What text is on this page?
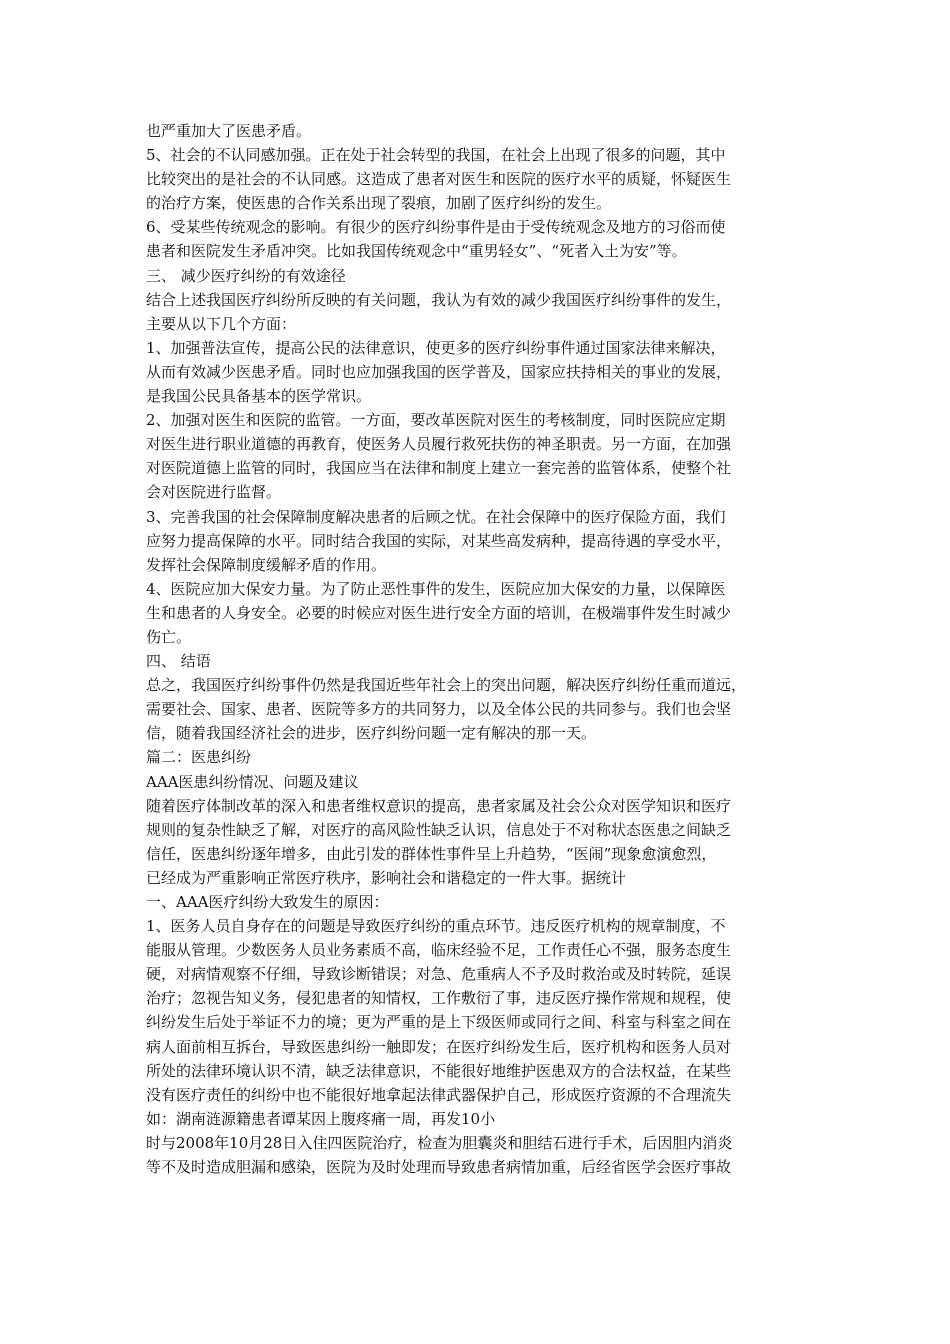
也严重加大了医患矛盾。

5、社会的不认同感加强。正在处于社会转型的我国，在社会上出现了很多的问题，其中

比较突出的是社会的不认同感。这造成了患者对医生和医院的医疗水平的质疑，怀疑医生

的治疗方案，使医患的合作关系出现了裂痕，加剧了医疗纠纷的发生。

6、受某些传统观念的影响。有很少的医疗纠纷事件是由于受传统观念及地方的习俗而使

患者和医院发生矛盾冲突。比如我国传统观念中“重男轻女”、“死者入土为安”等。

三、 减少医疗纠纷的有效途径

结合上述我国医疗纠纷所反映的有关问题，我认为有效的减少我国医疗纠纷事件的发生，

主要从以下几个方面：

1、加强普法宣传，提高公民的法律意识，使更多的医疗纠纷事件通过国家法律来解决，

从而有效减少医患矛盾。同时也应加强我国的医学普及，国家应扶持相关的事业的发展，

是我国公民具备基本的医学常识。

2、加强对医生和医院的监管。一方面，要改革医院对医生的考核制度，同时医院应定期

对医生进行职业道德的再教育，使医务人员履行救死扶伤的神圣职责。另一方面，在加强

对医院道德上监管的同时，我国应当在法律和制度上建立一套完善的监管体系，使整个社

会对医院进行监督。

3、完善我国的社会保障制度解决患者的后顾之忧。在社会保障中的医疗保险方面，我们

应努力提高保障的水平。同时结合我国的实际，对某些高发病种，提高待遇的享受水平，

发挥社会保障制度缓解矛盾的作用。

4、医院应加大保安力量。为了防止恶性事件的发生，医院应加大保安的力量，以保障医

生和患者的人身安全。必要的时候应对医生进行安全方面的培训，在极端事件发生时减少

伤亡。

四、 结语

总之，我国医疗纠纷事件仍然是我国近些年社会上的突出问题，解决医疗纠纷任重而道远，

需要社会、国家、患者、医院等多方的共同努力，以及全体公民的共同参与。我们也会坚

信，随着我国经济社会的进步，医疗纠纷问题一定有解决的那一天。

篇二：医患纠纷

AAA医患纠纷情况、问题及建议

随着医疗体制改革的深入和患者维权意识的提高，患者家属及社会公众对医学知识和医疗

规则的复杂性缺乏了解，对医疗的高风险性缺乏认识，信息处于不对称状态医患之间缺乏

信任，医患纠纷逐年增多，由此引发的群体性事件呈上升趋势，“医闹”现象愈演愈烈，

已经成为严重影响正常医疗秩序，影响社会和谐稳定的一件大事。据统计

一、AAA医疗纠纷大致发生的原因：

1、医务人员自身存在的问题是导致医疗纠纷的重点环节。违反医疗机构的规章制度，不

能服从管理。少数医务人员业务素质不高，临床经验不足，工作责任心不强，服务态度生

硬，对病情观察不仔细，导致诊断错误；对急、危重病人不予及时救治或及时转院，延误

治疗；忽视告知义务，侵犯患者的知情权，工作敷衍了事，违反医疗操作常规和规程，使

纠纷发生后处于举证不力的境；更为严重的是上下级医师或同行之间、科室与科室之间在

病人面前相互拆台，导致医患纠纷一触即发；在医疗纠纷发生后，医疗机构和医务人员对

所处的法律环境认识不清，缺乏法律意识，不能很好地维护医患双方的合法权益，在某些

没有医疗责任的纠纷中也不能很好地拿起法律武器保护自己，形成医疗资源的不合理流失

如：湖南涟源籍患者谭某因上腹疼痛一周，再发10小

时与2008年10月28日入住四医院治疗，检查为胆囊炎和胆结石进行手术，后因胆内消炎

等不及时造成胆漏和感染，医院为及时处理而导致患者病情加重，后经省医学会医疗事故
